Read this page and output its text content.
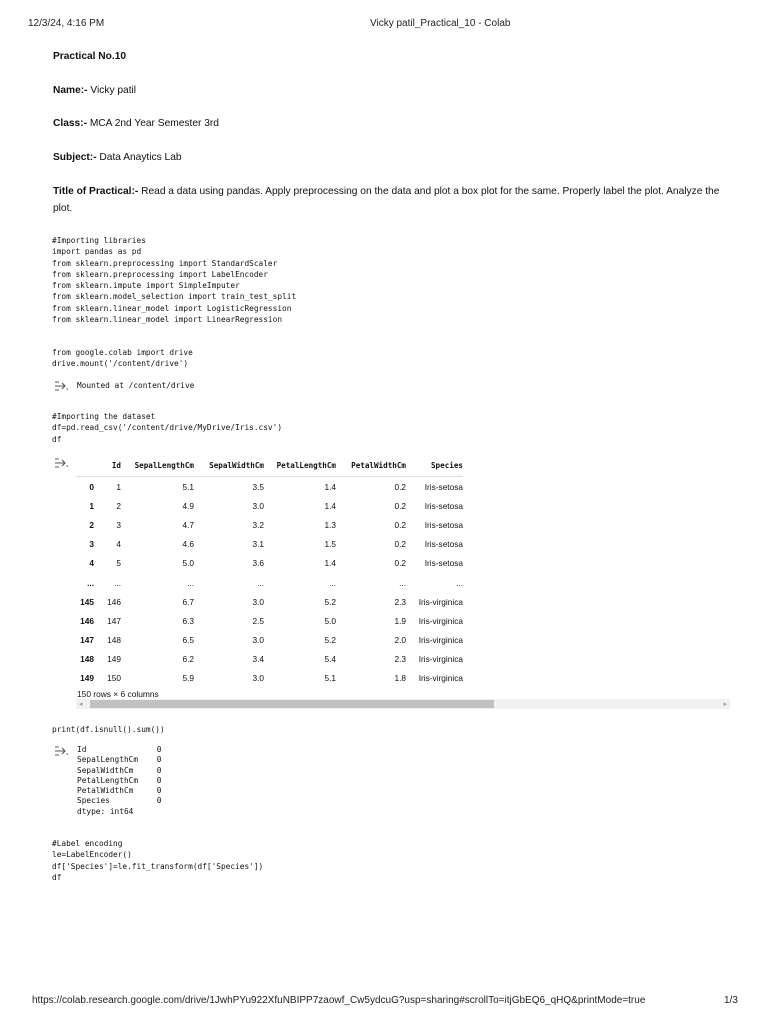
12/3/24, 4:16 PM	Vicky patil_Practical_10 - Colab
Practical No.10
Name:- Vicky patil
Class:- MCA 2nd Year Semester 3rd
Subject:- Data Anaytics Lab
Title of Practical:- Read a data using pandas. Apply preprocessing on the data and plot a box plot for the same. Properly label the plot. Analyze the plot.
#Importing libraries
import pandas as pd
from sklearn.preprocessing import StandardScaler
from sklearn.preprocessing import LabelEncoder
from sklearn.impute import SimpleImputer
from sklearn.model_selection import train_test_split
from sklearn.linear_model import LogisticRegression
from sklearn.linear_model import LinearRegression
from google.colab import drive
drive.mount('/content/drive')
Mounted at /content/drive
#Importing the dataset
df=pd.read_csv('/content/drive/MyDrive/Iris.csv')
df
	Id	SepalLengthCm	SepalWidthCm	PetalLengthCm	PetalWidthCm	Species
0	1	5.1	3.5	1.4	0.2	Iris-setosa
1	2	4.9	3.0	1.4	0.2	Iris-setosa
2	3	4.7	3.2	1.3	0.2	Iris-setosa
3	4	4.6	3.1	1.5	0.2	Iris-setosa
4	5	5.0	3.6	1.4	0.2	Iris-setosa
...	...	...	...	...	...	...
145	146	6.7	3.0	5.2	2.3	Iris-virginica
146	147	6.3	2.5	5.0	1.9	Iris-virginica
147	148	6.5	3.0	5.2	2.0	Iris-virginica
148	149	6.2	3.4	5.4	2.3	Iris-virginica
149	150	5.9	3.0	5.1	1.8	Iris-virginica
150 rows × 6 columns
◂	▸
print(df.isnull().sum())
Id               0
SepalLengthCm    0
SepalWidthCm     0
PetalLengthCm    0
PetalWidthCm     0
Species          0
dtype: int64
#Label encoding
le=LabelEncoder()
df['Species']=le.fit_transform(df['Species'])
df
https://colab.research.google.com/drive/1JwhPYu922XfuNBIPP7zaowf_Cw5ydcuG?usp=sharing#scrollTo=itjGbEQ6_qHQ&printMode=true	1/3
